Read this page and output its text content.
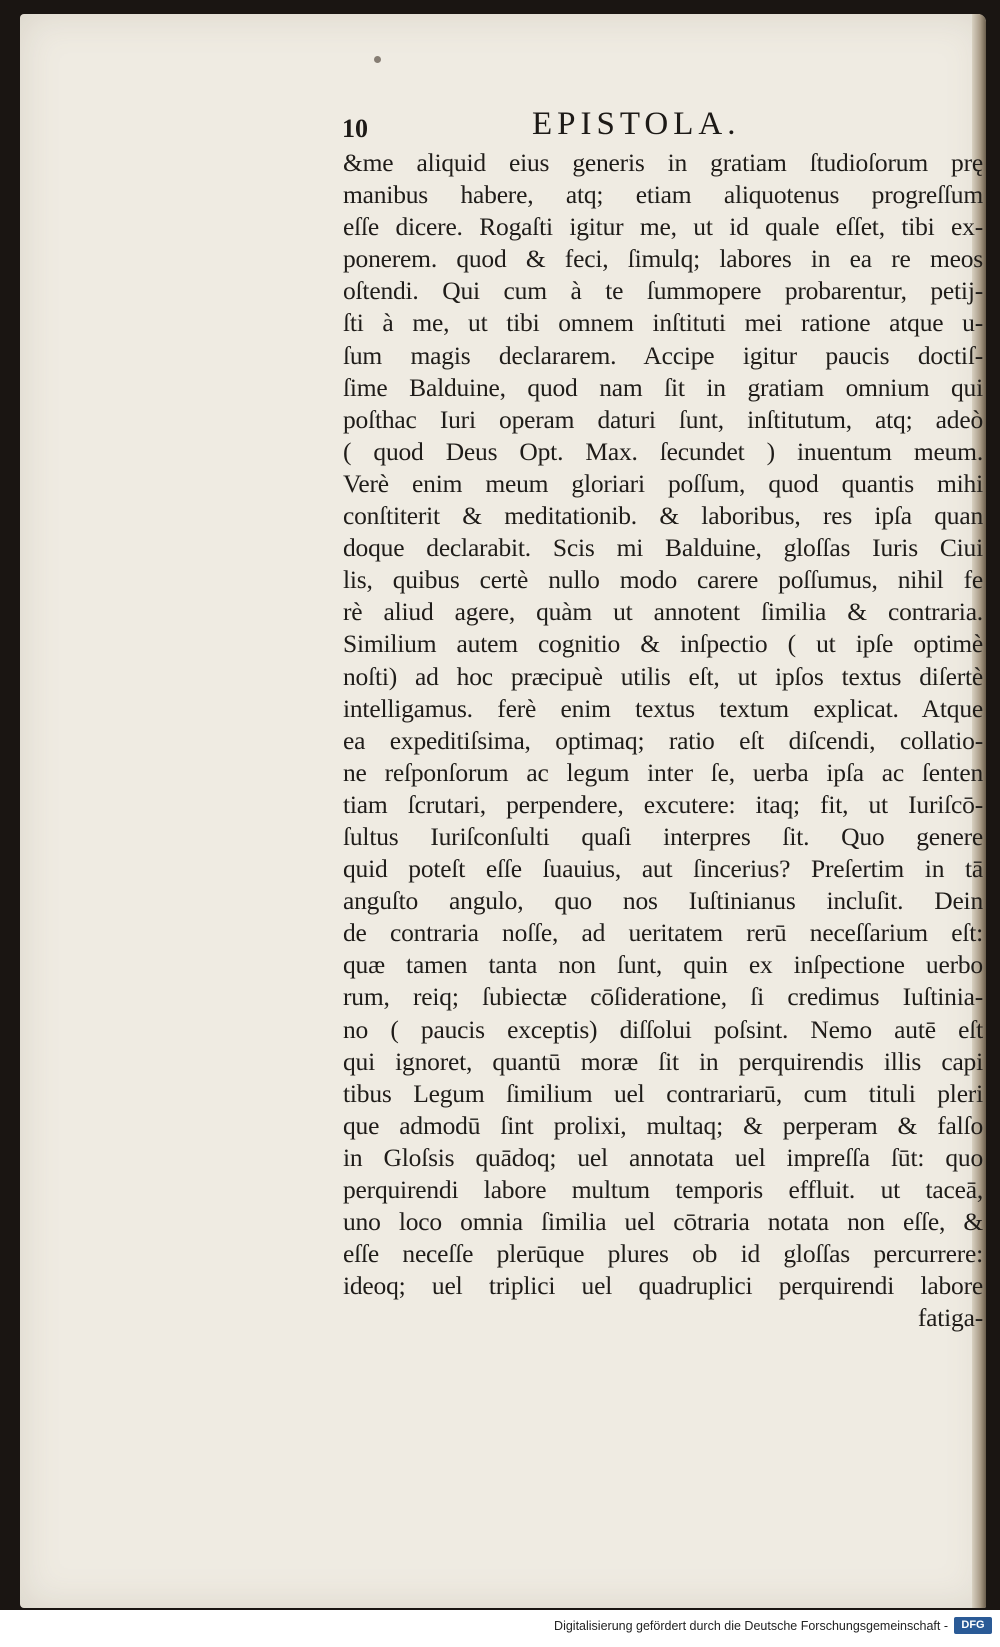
10	EPISTOLA.
&me aliquid eius generis in gratiam ſtudioſorum prę
manibus habere, atq; etiam aliquotenus progreſſum
eſſe dicere. Rogaſti igitur me, ut id quale eſſet, tibi ex-
ponerem. quod & feci, ſimulq; labores in ea re meos
oſtendi. Qui cum à te ſummopere probarentur, petij-
ſti à me, ut tibi omnem inſtituti mei ratione atque u-
ſum magis declararem. Accipe igitur paucis doctiſ-
ſime Balduine, quod nam ſit in gratiam omnium qui
poſthac Iuri operam daturi ſunt, inſtitutum, atq; adeò
( quod Deus Opt. Max. ſecundet ) inuentum meum.
Verè enim meum gloriari poſſum, quod quantis mihi
conſtiterit & meditationib. & laboribus, res ipſa quan
doque declarabit. Scis mi Balduine, gloſſas Iuris Ciui
lis, quibus certè nullo modo carere poſſumus, nihil fe
rè aliud agere, quàm ut annotent ſimilia & contraria.
Similium autem cognitio & inſpectio ( ut ipſe optimè
noſti) ad hoc præcipuè utilis eſt, ut ipſos textus diſertè
intelligamus. ferè enim textus textum explicat. Atque
ea expeditiſsima, optimaq; ratio eſt diſcendi, collatio-
ne reſponſorum ac legum inter ſe, uerba ipſa ac ſenten
tiam ſcrutari, perpendere, excutere: itaq; fit, ut Iuriſcō-
ſultus Iuriſconſulti quaſi interpres ſit. Quo genere
quid poteſt eſſe ſuauius, aut ſincerius? Preſertim in tā
anguſto angulo, quo nos Iuſtinianus incluſit. Dein
de contraria noſſe, ad ueritatem rerū neceſſarium eſt:
quæ tamen tanta non ſunt, quin ex inſpectione uerbo
rum, reiq; ſubiectæ cōſideratione, ſi credimus Iuſtinia-
no ( paucis exceptis) diſſolui poſsint. Nemo autē eſt
qui ignoret, quantū moræ ſit in perquirendis illis capi
tibus Legum ſimilium uel contrariarū, cum tituli pleri
que admodū ſint prolixi, multaq; & perperam & falſo
in Gloſsis quādoq; uel annotata uel impreſſa ſūt: quo
perquirendi labore multum temporis effluit. ut taceā,
uno loco omnia ſimilia uel cōtraria notata non eſſe, &
eſſe neceſſe plerūque plures ob id gloſſas percurrere:
ideoq; uel triplici uel quadruplici perquirendi labore
fatiga-
Digitalisierung gefördert durch die Deutsche Forschungsgemeinschaft -	DFG
